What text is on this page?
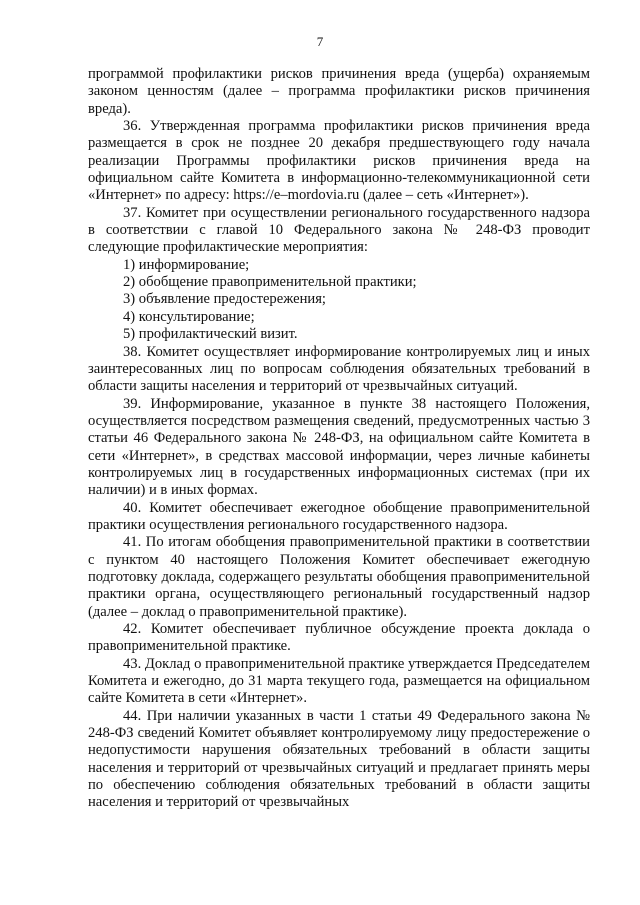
7

программой профилактики рисков причинения вреда (ущерба) охраняемым законом ценностям (далее – программа профилактики рисков причинения вреда).

36. Утвержденная программа профилактики рисков причинения вреда размещается в срок не позднее 20 декабря предшествующего году начала реализации Программы профилактики рисков причинения вреда на официальном сайте Комитета в информационно-телекоммуникационной сети «Интернет» по адресу: https://e–mordovia.ru (далее – сеть «Интернет»).

37. Комитет при осуществлении регионального государственного надзора в соответствии с главой 10 Федерального закона № 248-ФЗ проводит следующие профилактические мероприятия:

1) информирование;

2) обобщение правоприменительной практики;

3) объявление предостережения;

4) консультирование;

5) профилактический визит.

38. Комитет осуществляет информирование контролируемых лиц и иных заинтересованных лиц по вопросам соблюдения обязательных требований в области защиты населения и территорий от чрезвычайных ситуаций.

39. Информирование, указанное в пункте 38 настоящего Положения, осуществляется посредством размещения сведений, предусмотренных частью 3 статьи 46 Федерального закона № 248-ФЗ, на официальном сайте Комитета в сети «Интернет», в средствах массовой информации, через личные кабинеты контролируемых лиц в государственных информационных системах (при их наличии) и в иных формах.

40. Комитет обеспечивает ежегодное обобщение правоприменительной практики осуществления регионального государственного надзора.

41. По итогам обобщения правоприменительной практики в соответствии с пунктом 40 настоящего Положения Комитет обеспечивает ежегодную подготовку доклада, содержащего результаты обобщения правоприменительной практики органа, осуществляющего региональный государственный надзор (далее – доклад о правоприменительной практике).

42. Комитет обеспечивает публичное обсуждение проекта доклада о правоприменительной практике.

43. Доклад о правоприменительной практике утверждается Председателем Комитета и ежегодно, до 31 марта текущего года, размещается на официальном сайте Комитета в сети «Интернет».

44. При наличии указанных в части 1 статьи 49 Федерального закона № 248-ФЗ сведений Комитет объявляет контролируемому лицу предостережение о недопустимости нарушения обязательных требований в области защиты населения и территорий от чрезвычайных ситуаций и предлагает принять меры по обеспечению соблюдения обязательных требований в области защиты населения и территорий от чрезвычайных
